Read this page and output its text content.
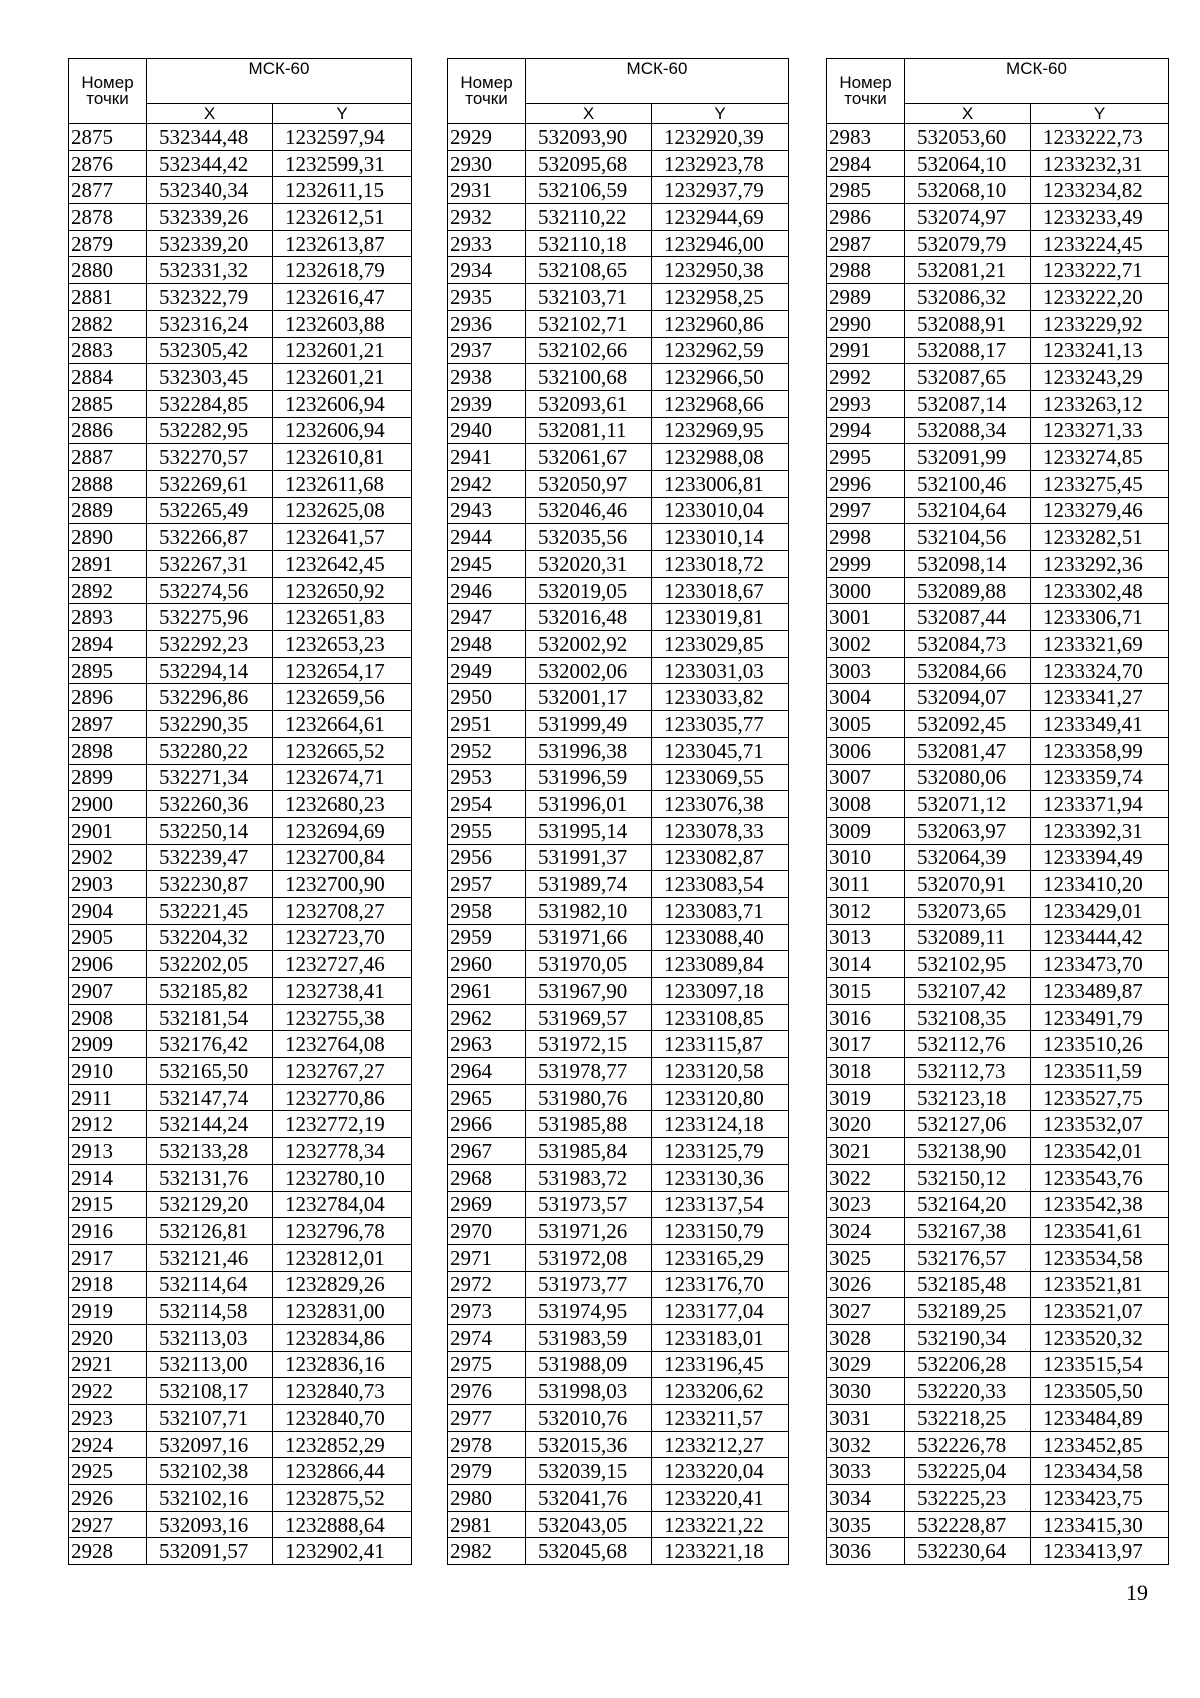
Номер точки	МСК-60	
	X	Y
2875	532344,48	1232597,94
2876	532344,42	1232599,31
2877	532340,34	1232611,15
2878	532339,26	1232612,51
2879	532339,20	1232613,87
2880	532331,32	1232618,79
2881	532322,79	1232616,47
2882	532316,24	1232603,88
2883	532305,42	1232601,21
2884	532303,45	1232601,21
2885	532284,85	1232606,94
2886	532282,95	1232606,94
2887	532270,57	1232610,81
2888	532269,61	1232611,68
2889	532265,49	1232625,08
2890	532266,87	1232641,57
2891	532267,31	1232642,45
2892	532274,56	1232650,92
2893	532275,96	1232651,83
2894	532292,23	1232653,23
2895	532294,14	1232654,17
2896	532296,86	1232659,56
2897	532290,35	1232664,61
2898	532280,22	1232665,52
2899	532271,34	1232674,71
2900	532260,36	1232680,23
2901	532250,14	1232694,69
2902	532239,47	1232700,84
2903	532230,87	1232700,90
2904	532221,45	1232708,27
2905	532204,32	1232723,70
2906	532202,05	1232727,46
2907	532185,82	1232738,41
2908	532181,54	1232755,38
2909	532176,42	1232764,08
2910	532165,50	1232767,27
2911	532147,74	1232770,86
2912	532144,24	1232772,19
2913	532133,28	1232778,34
2914	532131,76	1232780,10
2915	532129,20	1232784,04
2916	532126,81	1232796,78
2917	532121,46	1232812,01
2918	532114,64	1232829,26
2919	532114,58	1232831,00
2920	532113,03	1232834,86
2921	532113,00	1232836,16
2922	532108,17	1232840,73
2923	532107,71	1232840,70
2924	532097,16	1232852,29
2925	532102,38	1232866,44
2926	532102,16	1232875,52
2927	532093,16	1232888,64
2928	532091,57	1232902,41
Номер точки	МСК-60	
	X	Y
2929	532093,90	1232920,39
2930	532095,68	1232923,78
2931	532106,59	1232937,79
2932	532110,22	1232944,69
2933	532110,18	1232946,00
2934	532108,65	1232950,38
2935	532103,71	1232958,25
2936	532102,71	1232960,86
2937	532102,66	1232962,59
2938	532100,68	1232966,50
2939	532093,61	1232968,66
2940	532081,11	1232969,95
2941	532061,67	1232988,08
2942	532050,97	1233006,81
2943	532046,46	1233010,04
2944	532035,56	1233010,14
2945	532020,31	1233018,72
2946	532019,05	1233018,67
2947	532016,48	1233019,81
2948	532002,92	1233029,85
2949	532002,06	1233031,03
2950	532001,17	1233033,82
2951	531999,49	1233035,77
2952	531996,38	1233045,71
2953	531996,59	1233069,55
2954	531996,01	1233076,38
2955	531995,14	1233078,33
2956	531991,37	1233082,87
2957	531989,74	1233083,54
2958	531982,10	1233083,71
2959	531971,66	1233088,40
2960	531970,05	1233089,84
2961	531967,90	1233097,18
2962	531969,57	1233108,85
2963	531972,15	1233115,87
2964	531978,77	1233120,58
2965	531980,76	1233120,80
2966	531985,88	1233124,18
2967	531985,84	1233125,79
2968	531983,72	1233130,36
2969	531973,57	1233137,54
2970	531971,26	1233150,79
2971	531972,08	1233165,29
2972	531973,77	1233176,70
2973	531974,95	1233177,04
2974	531983,59	1233183,01
2975	531988,09	1233196,45
2976	531998,03	1233206,62
2977	532010,76	1233211,57
2978	532015,36	1233212,27
2979	532039,15	1233220,04
2980	532041,76	1233220,41
2981	532043,05	1233221,22
2982	532045,68	1233221,18
Номер точки	МСК-60	
	X	Y
2983	532053,60	1233222,73
2984	532064,10	1233232,31
2985	532068,10	1233234,82
2986	532074,97	1233233,49
2987	532079,79	1233224,45
2988	532081,21	1233222,71
2989	532086,32	1233222,20
2990	532088,91	1233229,92
2991	532088,17	1233241,13
2992	532087,65	1233243,29
2993	532087,14	1233263,12
2994	532088,34	1233271,33
2995	532091,99	1233274,85
2996	532100,46	1233275,45
2997	532104,64	1233279,46
2998	532104,56	1233282,51
2999	532098,14	1233292,36
3000	532089,88	1233302,48
3001	532087,44	1233306,71
3002	532084,73	1233321,69
3003	532084,66	1233324,70
3004	532094,07	1233341,27
3005	532092,45	1233349,41
3006	532081,47	1233358,99
3007	532080,06	1233359,74
3008	532071,12	1233371,94
3009	532063,97	1233392,31
3010	532064,39	1233394,49
3011	532070,91	1233410,20
3012	532073,65	1233429,01
3013	532089,11	1233444,42
3014	532102,95	1233473,70
3015	532107,42	1233489,87
3016	532108,35	1233491,79
3017	532112,76	1233510,26
3018	532112,73	1233511,59
3019	532123,18	1233527,75
3020	532127,06	1233532,07
3021	532138,90	1233542,01
3022	532150,12	1233543,76
3023	532164,20	1233542,38
3024	532167,38	1233541,61
3025	532176,57	1233534,58
3026	532185,48	1233521,81
3027	532189,25	1233521,07
3028	532190,34	1233520,32
3029	532206,28	1233515,54
3030	532220,33	1233505,50
3031	532218,25	1233484,89
3032	532226,78	1233452,85
3033	532225,04	1233434,58
3034	532225,23	1233423,75
3035	532228,87	1233415,30
3036	532230,64	1233413,97
19
